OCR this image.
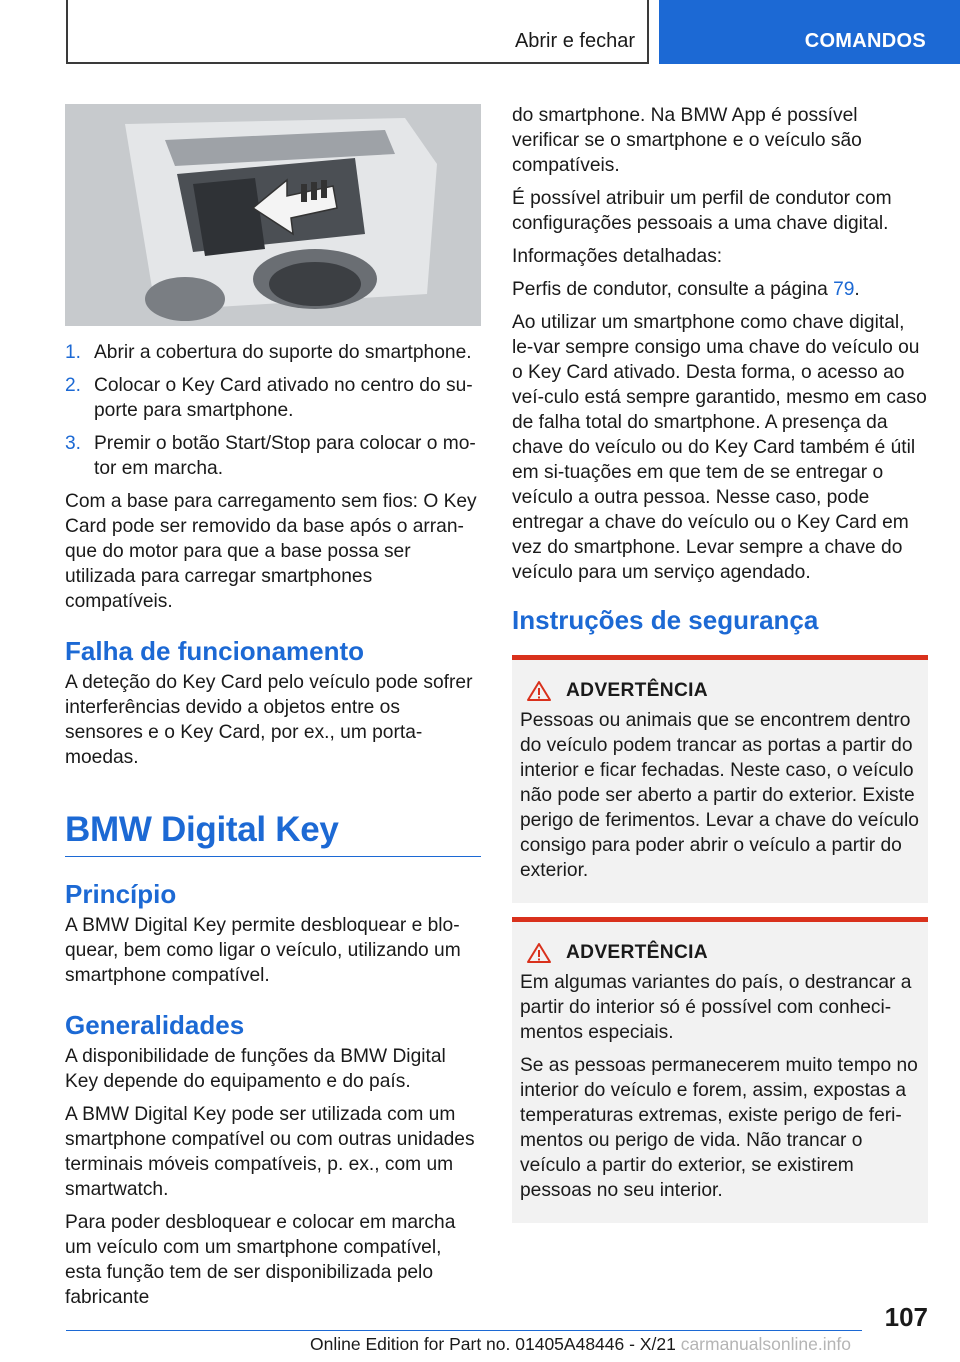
Abrir e fechar	COMANDOS
1. Abrir a cobertura do suporte do smartphone.
2. Colocar o Key Card ativado no centro do su-porte para smartphone.
3. Premir o botão Start/Stop para colocar o mo-tor em marcha.

Com a base para carregamento sem fios: O Key Card pode ser removido da base após o arran-que do motor para que a base possa ser utilizada para carregar smartphones compatíveis.

Falha de funcionamento

A deteção do Key Card pelo veículo pode sofrer interferências devido a objetos entre os sensores e o Key Card, por ex., um porta-moedas.

BMW Digital Key
Princípio

A BMW Digital Key permite desbloquear e blo-quear, bem como ligar o veículo, utilizando um smartphone compatível.

Generalidades

A disponibilidade de funções da BMW Digital Key depende do equipamento e do país.

A BMW Digital Key pode ser utilizada com um smartphone compatível ou com outras unidades terminais móveis compatíveis, p. ex., com um smartwatch.

Para poder desbloquear e colocar em marcha um veículo com um smartphone compatível, esta função tem de ser disponibilizada pelo fabricante

do smartphone. Na BMW App é possível verificar se o smartphone e o veículo são compatíveis.

É possível atribuir um perfil de condutor com configurações pessoais a uma chave digital.

Informações detalhadas:

Perfis de condutor, consulte a página 79.

Ao utilizar um smartphone como chave digital, le-var sempre consigo uma chave do veículo ou o Key Card ativado. Desta forma, o acesso ao veí-culo está sempre garantido, mesmo em caso de falha total do smartphone. A presença da chave do veículo ou do Key Card também é útil em si-tuações em que tem de se entregar o veículo a outra pessoa. Nesse caso, pode entregar a chave do veículo ou o Key Card em vez do smartphone. Levar sempre a chave do veículo para um serviço agendado.

Instruções de segurança
ADVERTÊNCIA

Pessoas ou animais que se encontrem dentro do veículo podem trancar as portas a partir do interior e ficar fechadas. Neste caso, o veículo não pode ser aberto a partir do exterior. Existe perigo de ferimentos. Levar a chave do veículo consigo para poder abrir o veículo a partir do exterior.

ADVERTÊNCIA

Em algumas variantes do país, o destrancar a partir do interior só é possível com conheci-mentos especiais.

Se as pessoas permanecerem muito tempo no interior do veículo e forem, assim, expostas a temperaturas extremas, existe perigo de feri-mentos ou perigo de vida. Não trancar o veículo a partir do exterior, se existirem pessoas no seu interior.

107
Online Edition for Part no. 01405A48446 - X/21 carmanualsonline.info
